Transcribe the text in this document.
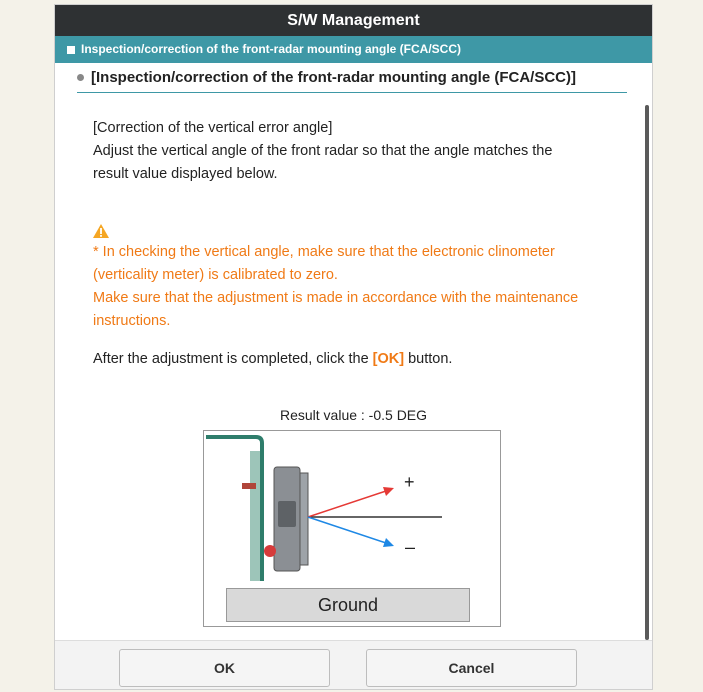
S/W Management
Inspection/correction of the front-radar mounting angle (FCA/SCC)
[Inspection/correction of the front-radar mounting angle (FCA/SCC)]
[Correction of the vertical error angle]
Adjust the vertical angle of the front radar so that the angle matches the
result value displayed below.
* In checking the vertical angle, make sure that the electronic clinometer
(verticality meter) is calibrated to zero.
Make sure that the adjustment is made in accordance with the maintenance
instructions.
After the adjustment is completed, click the [OK] button.
Result value : -0.5 DEG
+
–
Ground
OK	Cancel
